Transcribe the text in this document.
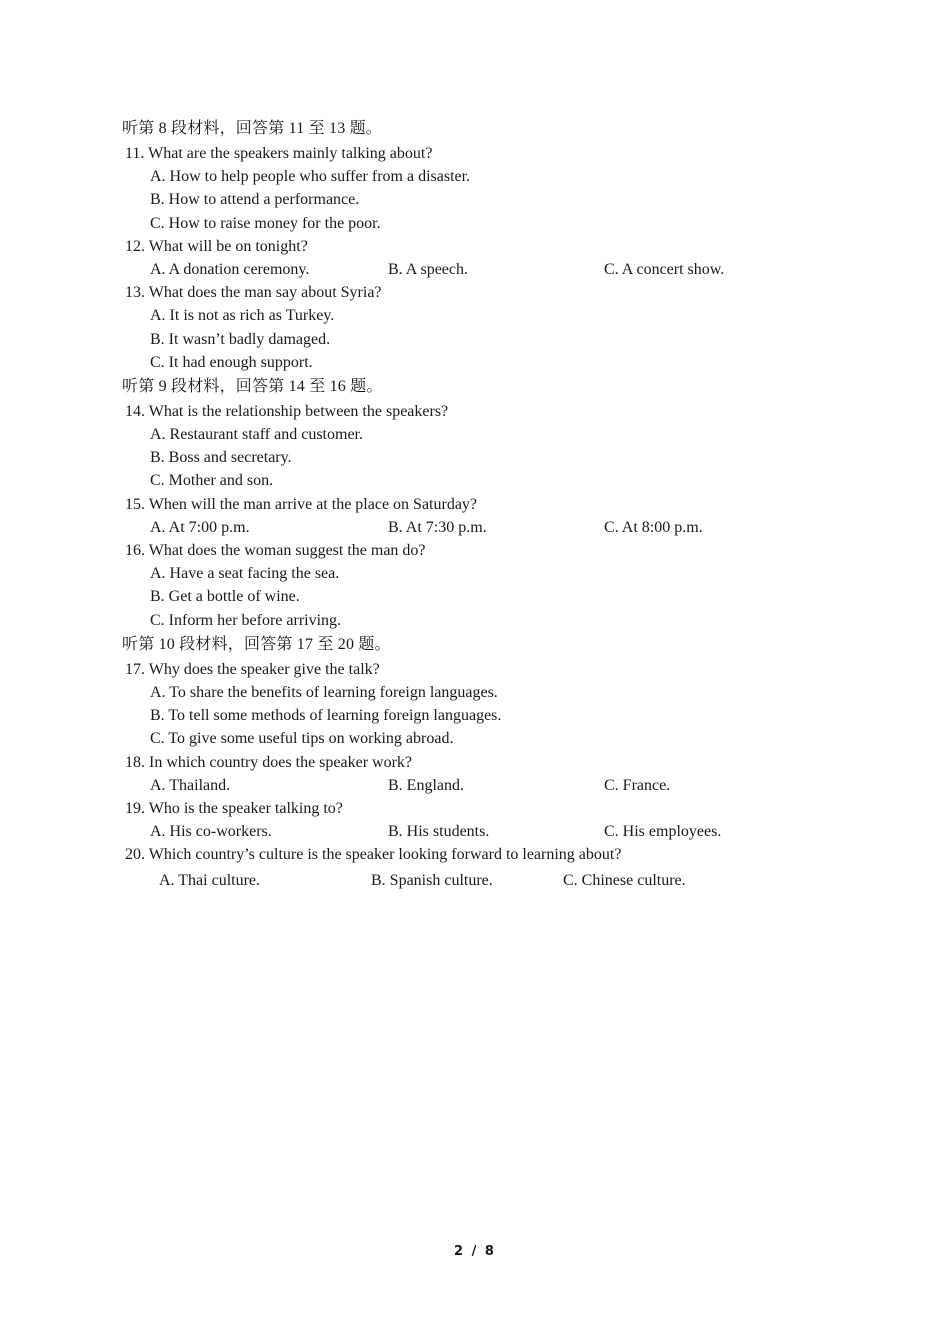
听第 8 段材料，回答第 11 至 13 题。
11. What are the speakers mainly talking about?
A. How to help people who suffer from a disaster.
B. How to attend a performance.
C. How to raise money for the poor.
12. What will be on tonight?
A. A donation ceremony.	B. A speech.	C. A concert show.
13. What does the man say about Syria?
A. It is not as rich as Turkey.
B. It wasn’t badly damaged.
C. It had enough support.
听第 9 段材料，回答第 14 至 16 题。
14. What is the relationship between the speakers?
A. Restaurant staff and customer.
B. Boss and secretary.
C. Mother and son.
15. When will the man arrive at the place on Saturday?
A. At 7:00 p.m.	B. At 7:30 p.m.	C. At 8:00 p.m.
16. What does the woman suggest the man do?
A. Have a seat facing the sea.
B. Get a bottle of wine.
C. Inform her before arriving.
听第 10 段材料，回答第 17 至 20 题。
17. Why does the speaker give the talk?
A. To share the benefits of learning foreign languages.
B. To tell some methods of learning foreign languages.
C. To give some useful tips on working abroad.
18. In which country does the speaker work?
A. Thailand.	B. England.	C. France.
19. Who is the speaker talking to?
A. His co-workers.	B. His students.	C. His employees.
20. Which country’s culture is the speaker looking forward to learning about?
A. Thai culture.	B. Spanish culture.	C. Chinese culture.
2 / 8
